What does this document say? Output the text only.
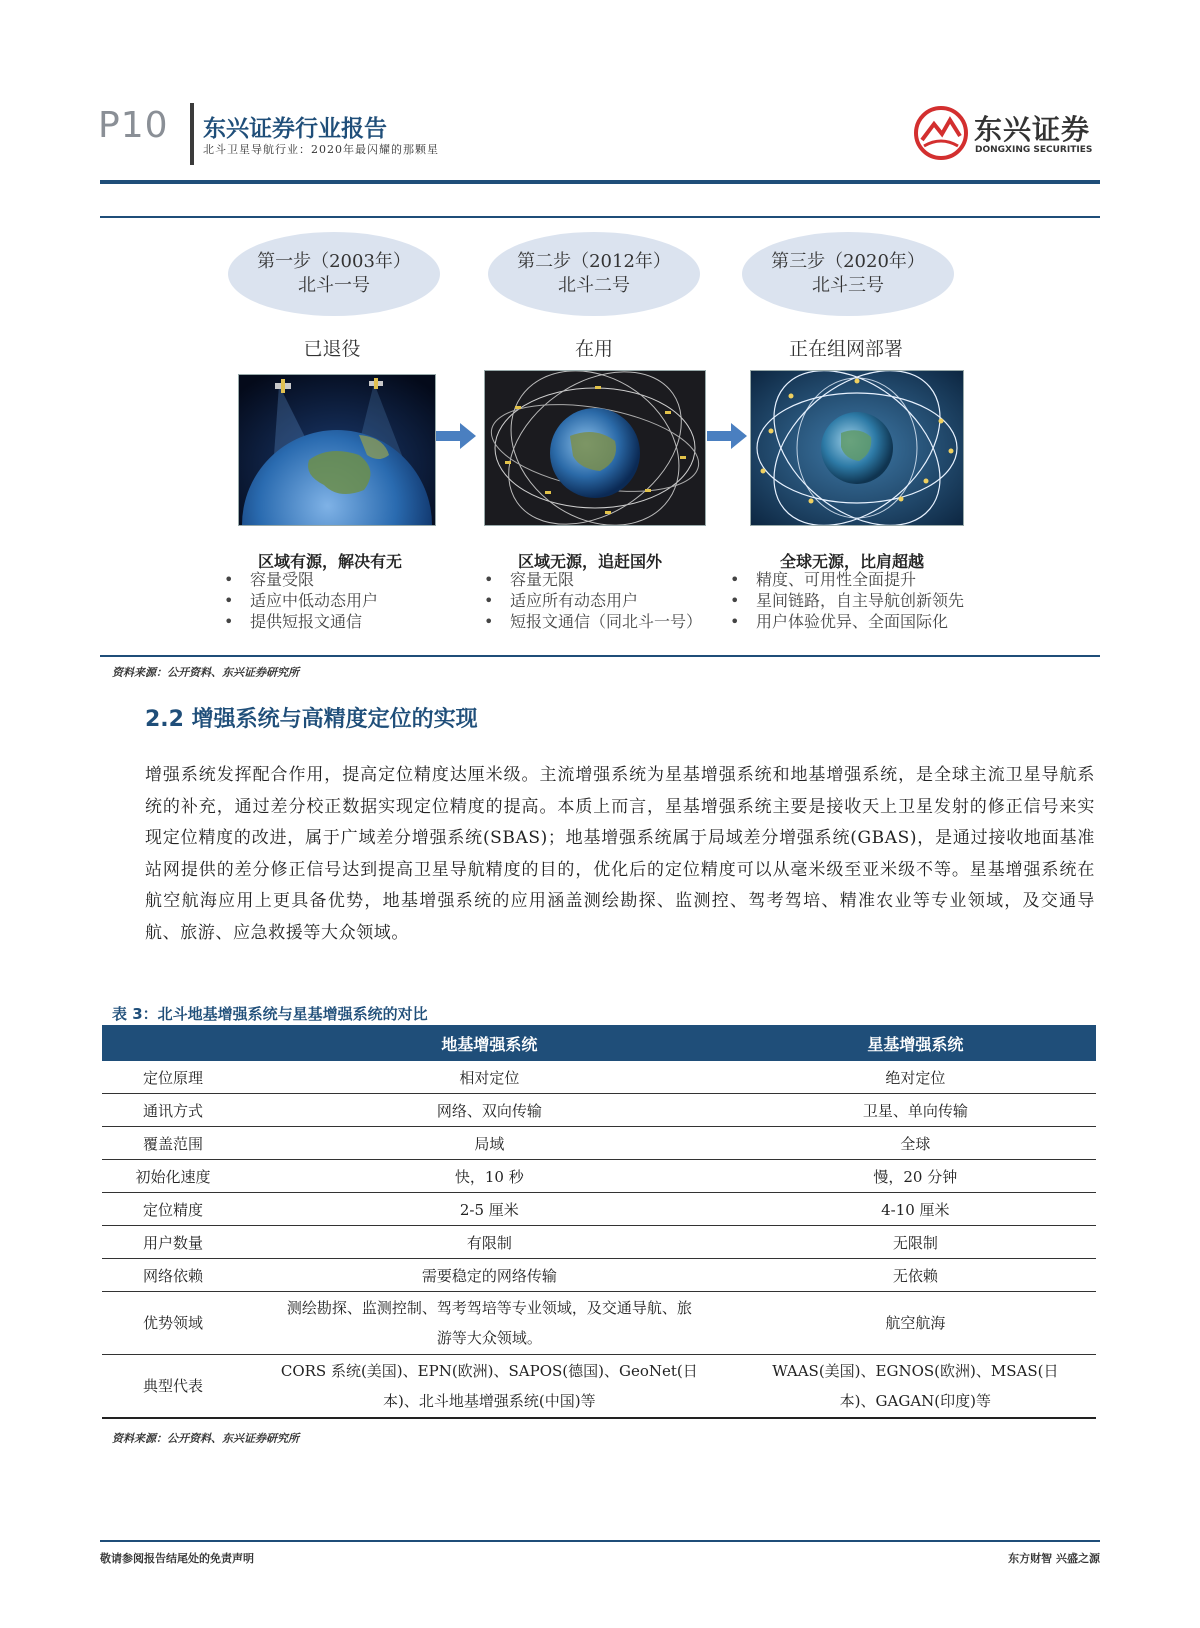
P10 东兴证券行业报告
北斗卫星导航行业：2020年最闪耀的那颗星
东兴证券
DONGXING SECURITIES
第一步（2003年）
北斗一号
第二步（2012年）
北斗二号
第三步（2020年）
北斗三号
已退役	在用	正在组网部署
区域有源，解决有无
• 容量受限
• 适应中低动态用户
• 提供短报文通信
区域无源，追赶国外
• 容量无限
• 适应所有动态用户
• 短报文通信（同北斗一号）
全球无源，比肩超越
• 精度、可用性全面提升
• 星间链路，自主导航创新领先
• 用户体验优异、全面国际化
资料来源：公开资料、东兴证券研究所
2.2 增强系统与高精度定位的实现
增强系统发挥配合作用，提高定位精度达厘米级。主流增强系统为星基增强系统和地基增强系统，是全球主流卫星导航系统的补充，通过差分校正数据实现定位精度的提高。本质上而言，星基增强系统主要是接收天上卫星发射的修正信号来实现定位精度的改进，属于广域差分增强系统(SBAS)；地基增强系统属于局域差分增强系统(GBAS)，是通过接收地面基准站网提供的差分修正信号达到提高卫星导航精度的目的，优化后的定位精度可以从毫米级至亚米级不等。星基增强系统在航空航海应用上更具备优势，地基增强系统的应用涵盖测绘勘探、监测控、驾考驾培、精准农业等专业领域，及交通导航、旅游、应急救援等大众领域。
表 3：北斗地基增强系统与星基增强系统的对比
	地基增强系统	星基增强系统
定位原理	相对定位	绝对定位
通讯方式	网络、双向传输	卫星、单向传输
覆盖范围	局域	全球
初始化速度	快，10 秒	慢，20 分钟
定位精度	2-5 厘米	4-10 厘米
用户数量	有限制	无限制
网络依赖	需要稳定的网络传输	无依赖
优势领域	测绘勘探、监测控制、驾考驾培等专业领域，及交通导航、旅游等大众领域。	航空航海
典型代表	CORS 系统(美国)、EPN(欧洲)、SAPOS(德国)、GeoNet(日本)、北斗地基增强系统(中国)等	WAAS(美国)、EGNOS(欧洲)、MSAS(日本)、GAGAN(印度)等
资料来源：公开资料、东兴证券研究所
敬请参阅报告结尾处的免责声明	东方财智 兴盛之源
